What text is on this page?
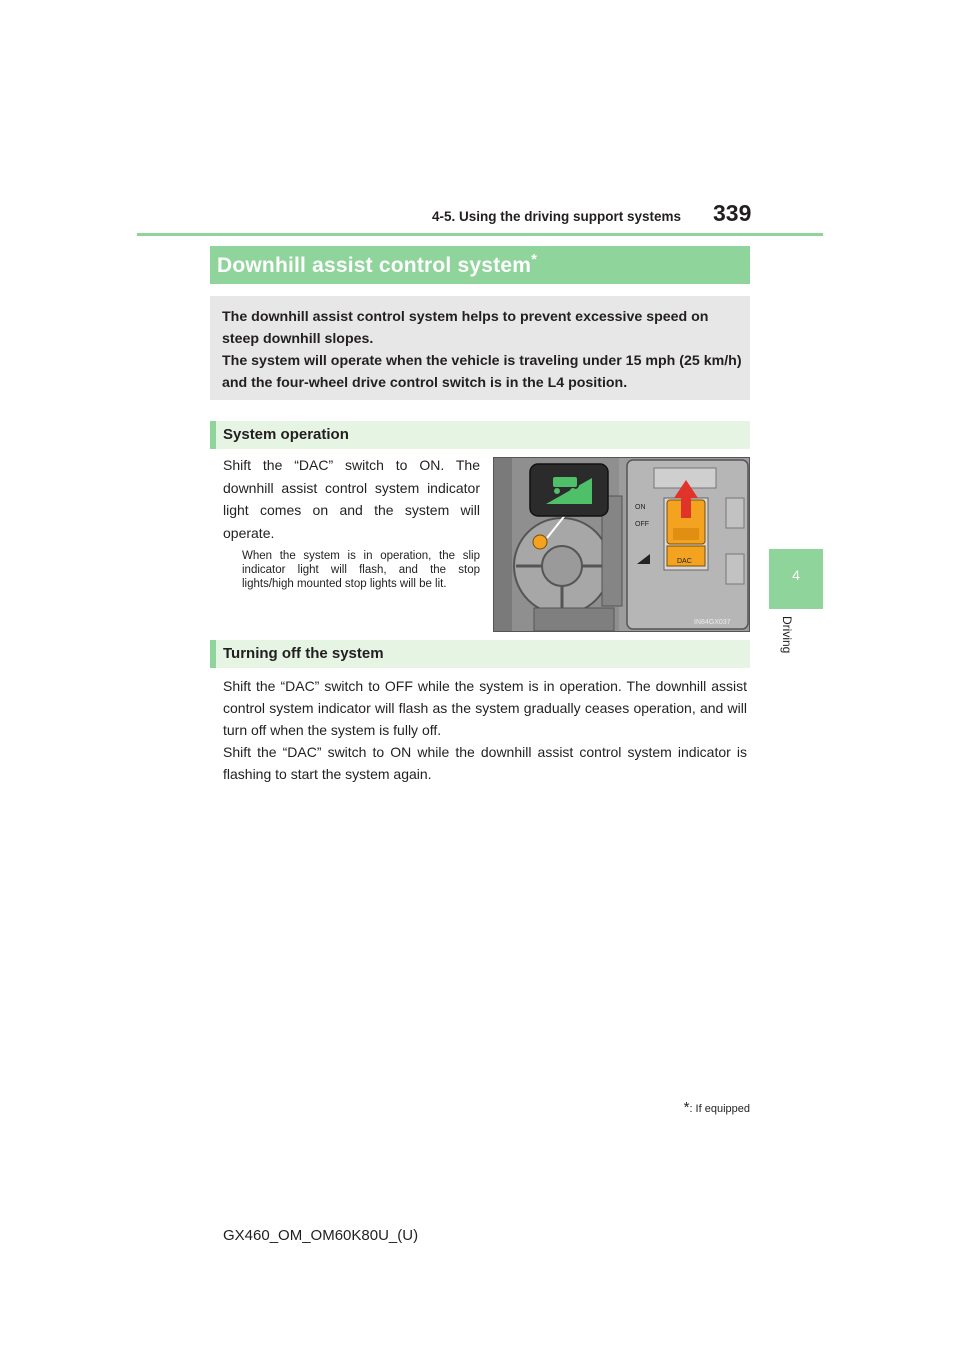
4-5. Using the driving support systems 339
4
Driving
Downhill assist control system*
The downhill assist control system helps to prevent excessive speed on steep downhill slopes.
The system will operate when the vehicle is traveling under 15 mph (25 km/h) and the four-wheel drive control switch is in the L4 position.
System operation
Shift the “DAC” switch to ON. The downhill assist control system indicator light comes on and the system will operate.
When the system is in operation, the slip indicator light will flash, and the stop lights/high mounted stop lights will be lit.
ON
OFF
DAC
IN84GX037
Turning off the system
Shift the “DAC” switch to OFF while the system is in operation. The downhill assist control system indicator will flash as the system gradually ceases operation, and will turn off when the system is fully off.
Shift the “DAC” switch to ON while the downhill assist control system indicator is flashing to start the system again.
*: If equipped
GX460_OM_OM60K80U_(U)
